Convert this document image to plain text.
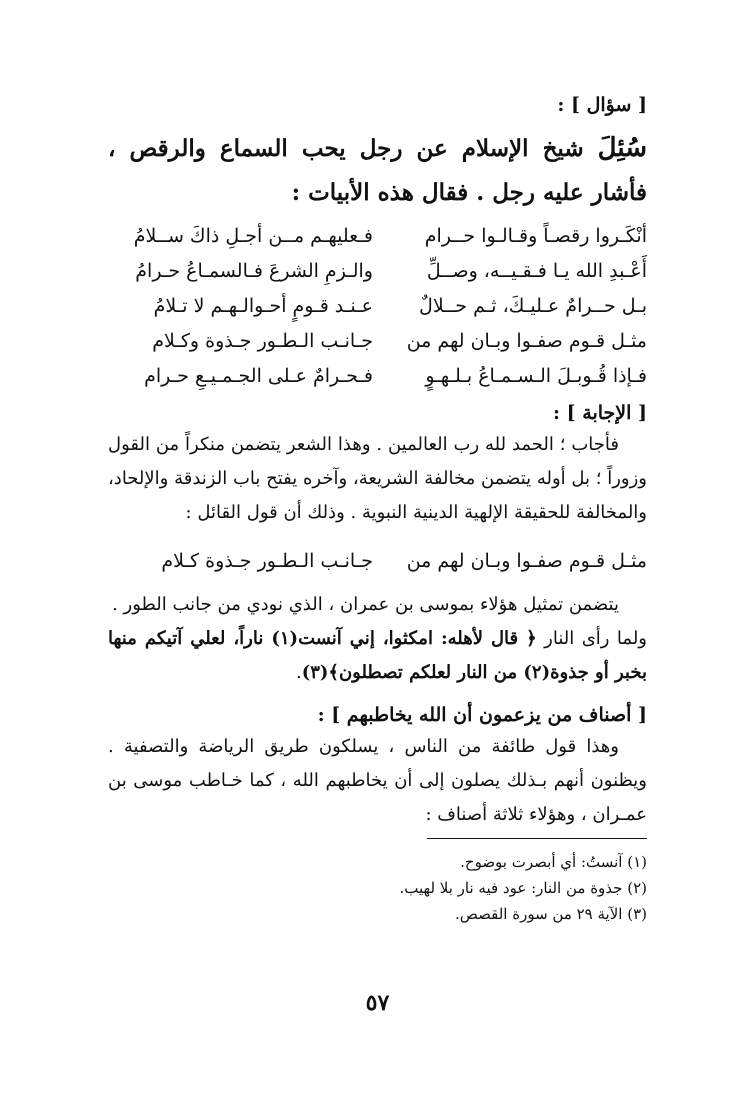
[ سؤال ] :

سُئِلَ شيخ الإسلام عن رجل يحب السماع والرقص ، فأشار عليه رجل . فقال هذه الأبيات :

أنْكَـروا رقصـاً وقـالـوا حــرام
فـعليهـم مــن أجـلِ ذاكَ ســلامُ
أَعْـبدِ الله يـا فـقـيــه، وصــلِّ
والـزمِ الشرعَ فـالسمـاعُ حـرامُ
بـل حــرامٌ عـليـكَ، ثـم حــلالٌ
عـنـد قـومٍ أحـوالـهـم لا تـلامُ
مثـل قـوم صفـوا وبـان لهم من
جـانـب الـطـور جـذوة وكـلام
فـإذا قُـوبـلَ الـسـمـاعُ بـلـهـوٍ
فـحـرامٌ عـلى الجـمـيـعِ حـرام

[ الإجابة ] :

فأجاب ؛ الحمد لله رب العالمين . وهذا الشعر يتضمن منكراً من القول وزوراً ؛ بل أوله يتضمن مخالفة الشريعة، وآخره يفتح باب الزندقة والإلحاد، والمخالفة للحقيقة الإلهية الدينية النبوية . وذلك أن قول القائل :

مثـل قـوم صفـوا وبـان لهم من
جـانـب الـطـور جـذوة كـلام

يتضمن تمثيل هؤلاء بموسى بن عمران ، الذي نودي من جانب الطور .

ولما رأى النار ﴿ قال لأهله: امكثوا، إني آنست(١) ناراً، لعلي آتيكم منها بخبر أو جذوة(٢) من النار لعلكم تصطلون﴾(٣).

[ أصناف من يزعمون أن الله يخاطبهم ] :

وهذا قول طائفة من الناس ، يسلكون طريق الرياضة والتصفية . ويظنون أنهم بـذلك يصلون إلى أن يخاطبهم الله ، كما خـاطب موسى بن عمـران ، وهؤلاء ثلاثة أصناف :

(١) آنستُ: أي أبصرت بوضوح.

(٢) جذوة من النار: عود فيه نار بلا لهيب.

(٣) الآية ٢٩ من سورة القصص.

٥٧
